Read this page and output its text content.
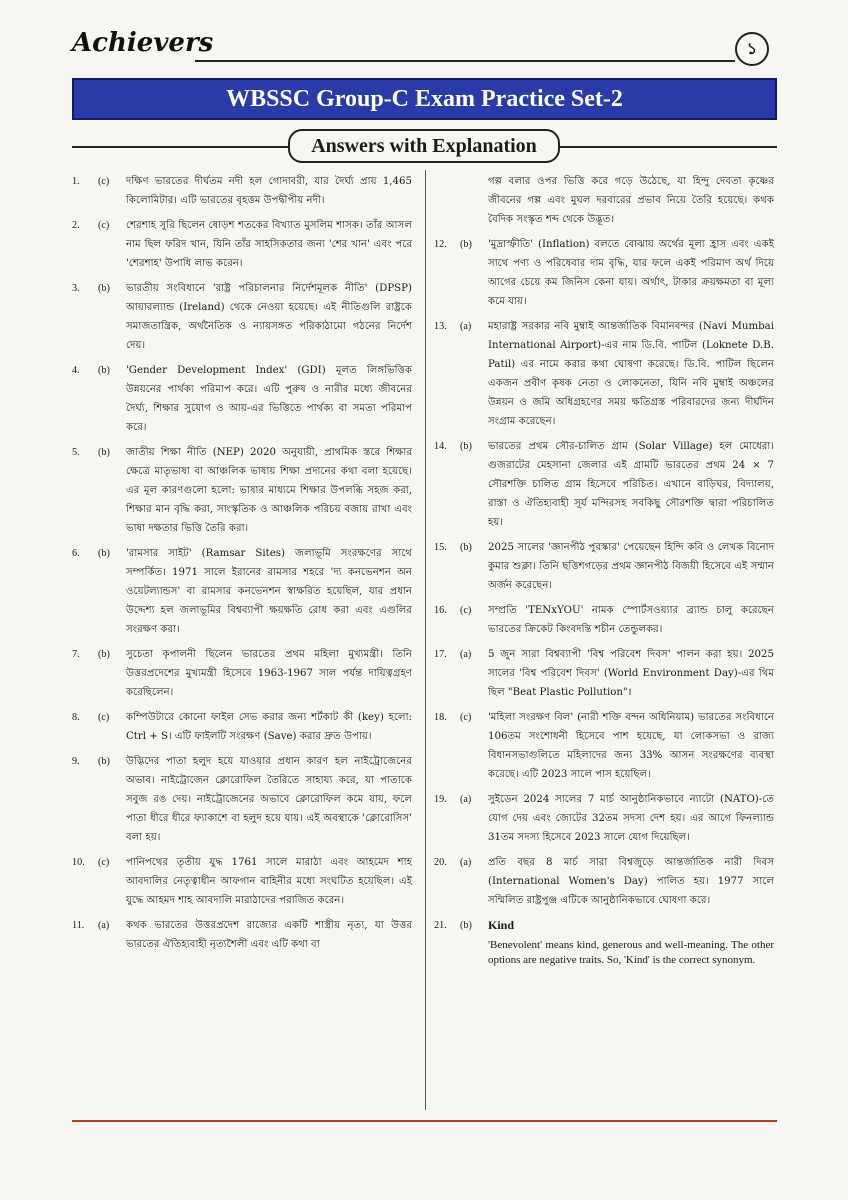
Achievers	১
WBSSC Group-C Exam Practice Set-2
Answers with Explanation
1.	(c)	দক্ষিণ ভারতের দীর্ঘতম নদী হল গোদাবরী, যার দৈর্ঘ্য প্রায় 1,465 কিলোমিটার। এটি ভারতের বৃহত্তম উপদ্বীপীয় নদী।
2.	(c)	শেরশাহ সুরি ছিলেন ষোড়শ শতকের বিখ্যাত মুসলিম শাসক। তাঁর আসল নাম ছিল ফরিদ খান, যিনি তাঁর সাহসিকতার জন্য 'শের খান' এবং পরে 'শেরশাহ' উপাধি লাভ করেন।
3.	(b)	ভারতীয় সংবিধানে 'রাষ্ট্র পরিচালনার নির্দেশমূলক নীতি' (DPSP) আয়ারল্যান্ড (Ireland) থেকে নেওয়া হয়েছে। এই নীতিগুলি রাষ্ট্রকে সমাজতান্ত্রিক, অর্থনৈতিক ও ন্যায়সঙ্গত পরিকাঠামো গঠনের নির্দেশ দেয়।
4.	(b)	'Gender Development Index' (GDI) মূলত লিঙ্গভিত্তিক উন্নয়নের পার্থক্য পরিমাপ করে। এটি পুরুষ ও নারীর মধ্যে জীবনের দৈর্ঘ্য, শিক্ষার সুযোগ ও আয়-এর ভিত্তিতে পার্থক্য বা সমতা পরিমাপ করে।
5.	(b)	জাতীয় শিক্ষা নীতি (NEP) 2020 অনুযায়ী, প্রাথমিক স্তরে শিক্ষার ক্ষেত্রে মাতৃভাষা বা আঞ্চলিক ভাষায় শিক্ষা প্রদানের কথা বলা হয়েছে। এর মূল কারণগুলো হলো: ভাষার মাধ্যমে শিক্ষার উপলব্ধি সহজ করা, শিক্ষার মান বৃদ্ধি করা, সাংস্কৃতিক ও আঞ্চলিক পরিচয় বজায় রাখা এবং ভাষা দক্ষতার ভিত্তি তৈরি করা।
6.	(b)	'রামসার সাইট' (Ramsar Sites) জলাভূমি সংরক্ষণের সাথে সম্পর্কিত। 1971 সালে ইরানের রামসার শহরে 'দ্য কনভেনশন অন ওয়েটল্যান্ডস' বা রামসার কনভেনশন স্বাক্ষরিত হয়েছিল, যার প্রধান উদ্দেশ্য হল জলাভূমির বিশ্বব্যাপী ক্ষয়ক্ষতি রোধ করা এবং এগুলির সংরক্ষণ করা।
7.	(b)	সুচেতা কৃপালনী ছিলেন ভারতের প্রথম মহিলা মুখ্যমন্ত্রী। তিনি উত্তরপ্রদেশের মুখ্যমন্ত্রী হিসেবে 1963-1967 সাল পর্যন্ত দায়িত্বগ্রহণ করেছিলেন।
8.	(c)	কম্পিউটারে কোনো ফাইল সেভ করার জন্য শর্টকাট কী (key) হলো: Ctrl + S। এটি ফাইলটি সংরক্ষণ (Save) করার দ্রুত উপায়।
9.	(b)	উদ্ভিদের পাতা হলুদ হয়ে যাওয়ার প্রধান কারণ হল নাইট্রোজেনের অভাব। নাইট্রোজেন ক্লোরোফিল তৈরিতে সাহায্য করে, যা পাতাকে সবুজ রঙ দেয়। নাইট্রোজেনের অভাবে ক্লোরোফিল কমে যায়, ফলে পাতা ধীরে ধীরে ফ্যাকাশে বা হলুদ হয়ে যায়। এই অবস্থাকে 'ক্লোরোসিস' বলা হয়।
10.	(c)	পানিপথের তৃতীয় যুদ্ধ 1761 সালে মারাঠা এবং আহমেদ শাহ আবদালির নেতৃত্বাধীন আফগান বাহিনীর মধ্যে সংঘটিত হয়েছিল। এই যুদ্ধে আহমদ শাহ আবদালি মারাঠাদের পরাজিত করেন।
11.	(a)	কথক ভারতের উত্তরপ্রদেশ রাজ্যের একটি শাস্ত্রীয় নৃত্য, যা উত্তর ভারতের ঐতিহ্যবাহী নৃত্যশৈলী এবং এটি কথা বা
গল্প বলার ওপর ভিত্তি করে গড়ে উঠেছে, যা হিন্দু দেবতা কৃষ্ণের জীবনের গল্প এবং মুঘল দরবারের প্রভাব নিয়ে তৈরি হয়েছে। কথক বৈদিক সংস্কৃত শব্দ থেকে উদ্ভূত।
12.	(b)	'মুদ্রাস্ফীতি' (Inflation) বলতে বোঝায় অর্থের মূল্য হ্রাস এবং একই সাথে পণ্য ও পরিষেবার দাম বৃদ্ধি, যার ফলে একই পরিমাণ অর্থ দিয়ে আগের চেয়ে কম জিনিস কেনা যায়। অর্থাৎ, টাকার ক্রয়ক্ষমতা বা মূল্য কমে যায়।
13.	(a)	মহারাষ্ট্র সরকার নবি মুম্বাই আন্তর্জাতিক বিমানবন্দর (Navi Mumbai International Airport)-এর নাম ডি.বি. পাটিল (Loknete D.B. Patil) এর নামে করার কথা ঘোষণা করেছে। ডি.বি. পাটিল ছিলেন একজন প্রবীণ কৃষক নেতা ও লোকনেতা, যিনি নবি মুম্বাই অঞ্চলের উন্নয়ন ও জমি অধিগ্রহণের সময় ক্ষতিগ্রস্ত পরিবারদের জন্য দীর্ঘদিন সংগ্রাম করেছেন।
14.	(b)	ভারতের প্রথম সৌর-চালিত গ্রাম (Solar Village) হল মোধেরা। গুজরাটের মেহসানা জেলার এই গ্রামটি ভারতের প্রথম 24 × 7 সৌরশক্তি চালিত গ্রাম হিসেবে পরিচিত। এখানে বাড়িঘর, বিদ্যালয়, রাস্তা ও ঐতিহ্যবাহী সূর্য মন্দিরসহ সবকিছু সৌরশক্তি দ্বারা পরিচালিত হয়।
15.	(b)	2025 সালের 'জ্ঞানপীঠ পুরস্কার' পেয়েছেন হিন্দি কবি ও লেখক বিনোদ কুমার শুক্লা। তিনি ছত্তিশগড়ের প্রথম জ্ঞানপীঠ বিজয়ী হিসেবে এই সম্মান অর্জন করেছেন।
16.	(c)	সম্প্রতি 'TENxYOU' নামক স্পোর্টসওয়্যার ব্র্যান্ড চালু করেছেন ভারতের ক্রিকেট কিংবদন্তি শচীন তেন্ডুলকর।
17.	(a)	5 জুন সারা বিশ্বব্যাপী 'বিশ্ব পরিবেশ দিবস' পালন করা হয়। 2025 সালের 'বিশ্ব পরিবেশ দিবস' (World Environment Day)-এর থিম ছিল "Beat Plastic Pollution"।
18.	(c)	'মহিলা সংরক্ষণ বিল' (নারী শক্তি বন্দন অধিনিয়াম) ভারতের সংবিধানে 106তম সংশোধনী হিসেবে পাশ হয়েছে, যা লোকসভা ও রাজ্য বিধানসভাগুলিতে মহিলাদের জন্য 33% আসন সংরক্ষণের ব্যবস্থা করেছে। এটি 2023 সালে পাস হয়েছিল।
19.	(a)	সুইডেন 2024 সালের 7 মার্চ আনুষ্ঠানিকভাবে ন্যাটো (NATO)-তে যোগ দেয় এবং জোটের 32তম সদস্য দেশ হয়। এর আগে ফিনল্যান্ড 31তম সদস্য হিসেবে 2023 সালে যোগ দিয়েছিল।
20.	(a)	প্রতি বছর 8 মার্চ সারা বিশ্বজুড়ে আন্তর্জাতিক নারী দিবস (International Women's Day) পালিত হয়। 1977 সালে সম্মিলিত রাষ্ট্রপুঞ্জ এটিকে আনুষ্ঠানিকভাবে ঘোষণা করে।
21.	(b)	Kind
'Benevolent' means kind, generous and well-meaning. The other options are negative traits. So, 'Kind' is the correct synonym.
